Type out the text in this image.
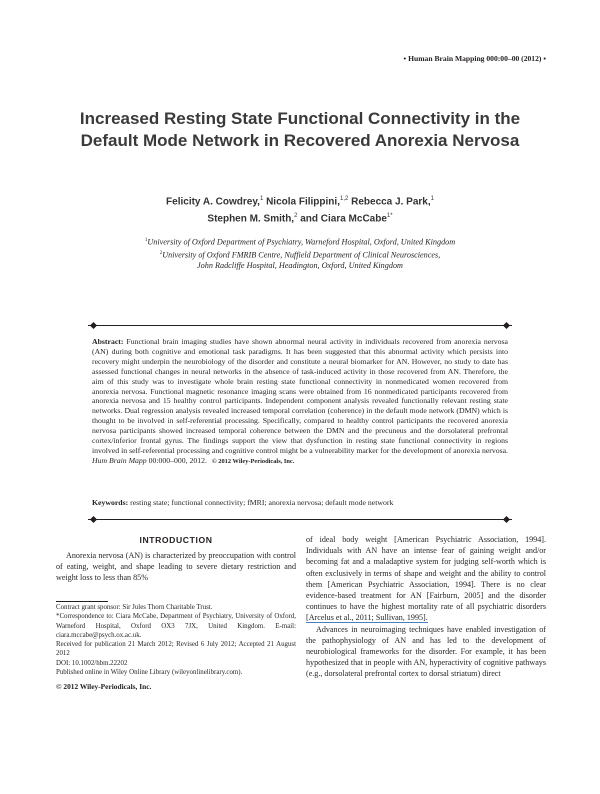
• Human Brain Mapping 000:00–00 (2012) •
Increased Resting State Functional Connectivity in the Default Mode Network in Recovered Anorexia Nervosa
Felicity A. Cowdrey,$^1$ Nicola Filippini,$^{1,2}$ Rebecca J. Park,$^1$
Stephen M. Smith,$^2$ and Ciara McCabe$^{1*}$
$^1$University of Oxford Department of Psychiatry, Warneford Hospital, Oxford, United Kingdom
$^2$University of Oxford FMRIB Centre, Nuffield Department of Clinical Neurosciences,
John Radcliffe Hospital, Headington, Oxford, United Kingdom
Abstract: Functional brain imaging studies have shown abnormal neural activity in individuals recovered from anorexia nervosa (AN) during both cognitive and emotional task paradigms. It has been suggested that this abnormal activity which persists into recovery might underpin the neurobiology of the disorder and constitute a neural biomarker for AN. However, no study to date has assessed functional changes in neural networks in the absence of task-induced activity in those recovered from AN. Therefore, the aim of this study was to investigate whole brain resting state functional connectivity in nonmedicated women recovered from anorexia nervosa. Functional magnetic resonance imaging scans were obtained from 16 nonmedicated participants recovered from anorexia nervosa and 15 healthy control participants. Independent component analysis revealed functionally relevant resting state networks. Dual regression analysis revealed increased temporal correlation (coherence) in the default mode network (DMN) which is thought to be involved in self-referential processing. Specifically, compared to healthy control participants the recovered anorexia nervosa participants showed increased temporal coherence between the DMN and the precuneus and the dorsolateral prefrontal cortex/inferior frontal gyrus. The findings support the view that dysfunction in resting state functional connectivity in regions involved in self-referential processing and cognitive control might be a vulnerability marker for the development of anorexia nervosa. Hum Brain Mapp 00:000–000, 2012. © 2012 Wiley-Periodicals, Inc.
Keywords: resting state; functional connectivity; fMRI; anorexia nervosa; default mode network
INTRODUCTION
Anorexia nervosa (AN) is characterized by preoccupation with control of eating, weight, and shape leading to severe dietary restriction and weight loss to less than 85%

Contract grant sponsor: Sir Jules Thorn Charitable Trust.

*Correspondence to: Ciara McCabe, Department of Psychiatry, University of Oxford, Warneford Hospital, Oxford OX3 7JX, United Kingdom. E-mail: ciara.mccabe@psych.ox.ac.uk.

Received for publication 21 March 2012; Revised 6 July 2012; Accepted 21 August 2012

DOI: 10.1002/hbm.22202

Published online in Wiley Online Library (wileyonlinelibrary.com).

© 2012 Wiley-Periodicals, Inc.

of ideal body weight [American Psychiatric Association, 1994]. Individuals with AN have an intense fear of gaining weight and/or becoming fat and a maladaptive system for judging self-worth which is often exclusively in terms of shape and weight and the ability to control them [American Psychiatric Association, 1994]. There is no clear evidence-based treatment for AN [Fairburn, 2005] and the disorder continues to have the highest mortality rate of all psychiatric disorders [Arcelus et al., 2011; Sullivan, 1995].

Advances in neuroimaging techniques have enabled investigation of the pathophysiology of AN and has led to the development of neurobiological frameworks for the disorder. For example, it has been hypothesized that in people with AN, hyperactivity of cognitive pathways (e.g., dorsolateral prefrontal cortex to dorsal striatum) direct
